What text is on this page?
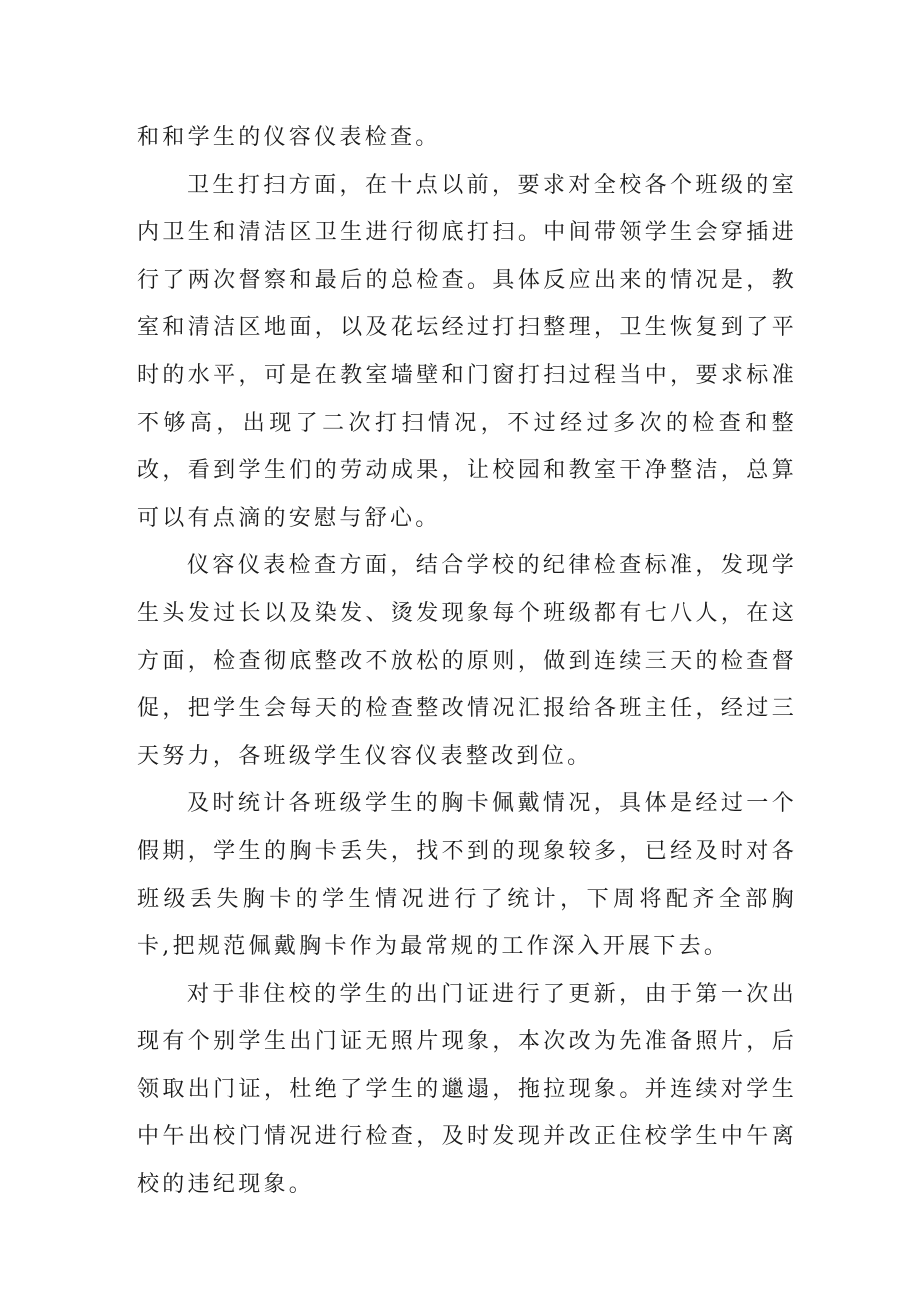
和和学生的仪容仪表检查。

卫生打扫方面，在十点以前，要求对全校各个班级的室内卫生和清洁区卫生进行彻底打扫。中间带领学生会穿插进行了两次督察和最后的总检查。具体反应出来的情况是，教室和清洁区地面，以及花坛经过打扫整理，卫生恢复到了平时的水平，可是在教室墙壁和门窗打扫过程当中，要求标准不够高，出现了二次打扫情况，不过经过多次的检查和整改，看到学生们的劳动成果，让校园和教室干净整洁，总算可以有点滴的安慰与舒心。

仪容仪表检查方面，结合学校的纪律检查标准，发现学生头发过长以及染发、烫发现象每个班级都有七八人，在这方面，检查彻底整改不放松的原则，做到连续三天的检查督促，把学生会每天的检查整改情况汇报给各班主任，经过三天努力，各班级学生仪容仪表整改到位。

及时统计各班级学生的胸卡佩戴情况，具体是经过一个假期，学生的胸卡丢失，找不到的现象较多，已经及时对各班级丢失胸卡的学生情况进行了统计，下周将配齐全部胸卡,把规范佩戴胸卡作为最常规的工作深入开展下去。

对于非住校的学生的出门证进行了更新，由于第一次出现有个别学生出门证无照片现象，本次改为先准备照片，后领取出门证，杜绝了学生的邋遢，拖拉现象。并连续对学生中午出校门情况进行检查，及时发现并改正住校学生中午离校的违纪现象。
